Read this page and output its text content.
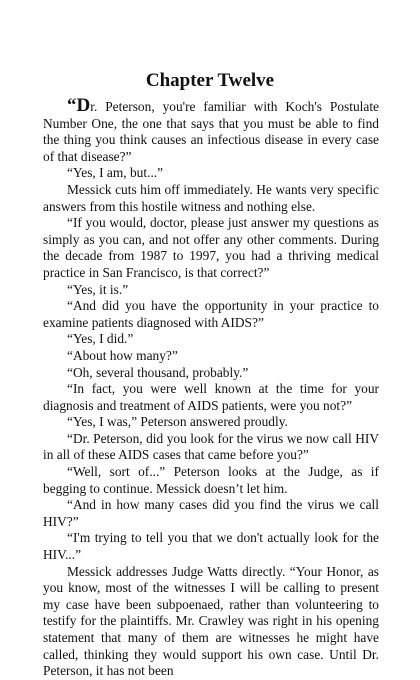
Chapter Twelve

“Dr. Peterson, you're familiar with Koch's Postulate Number One, the one that says that you must be able to find the thing you think causes an infectious disease in every case of that disease?”

“Yes, I am, but...”

Messick cuts him off immediately. He wants very specific answers from this hostile witness and nothing else.

“If you would, doctor, please just answer my questions as simply as you can, and not offer any other comments. During the decade from 1987 to 1997, you had a thriving medical practice in San Francisco, is that correct?”

“Yes, it is.”

“And did you have the opportunity in your practice to examine patients diagnosed with AIDS?”

“Yes, I did.”

“About how many?”

“Oh, several thousand, probably.”

“In fact, you were well known at the time for your diagnosis and treatment of AIDS patients, were you not?”

“Yes, I was,” Peterson answered proudly.

“Dr. Peterson, did you look for the virus we now call HIV in all of these AIDS cases that came before you?”

“Well, sort of...” Peterson looks at the Judge, as if begging to continue. Messick doesn’t let him.

“And in how many cases did you find the virus we call HIV?”

“I'm trying to tell you that we don't actually look for the HIV...”

Messick addresses Judge Watts directly. “Your Honor, as you know, most of the witnesses I will be calling to present my case have been subpoenaed, rather than volunteering to testify for the plaintiffs. Mr. Crawley was right in his opening statement that many of them are witnesses he might have called, thinking they would support his own case. Until Dr. Peterson, it has not been
